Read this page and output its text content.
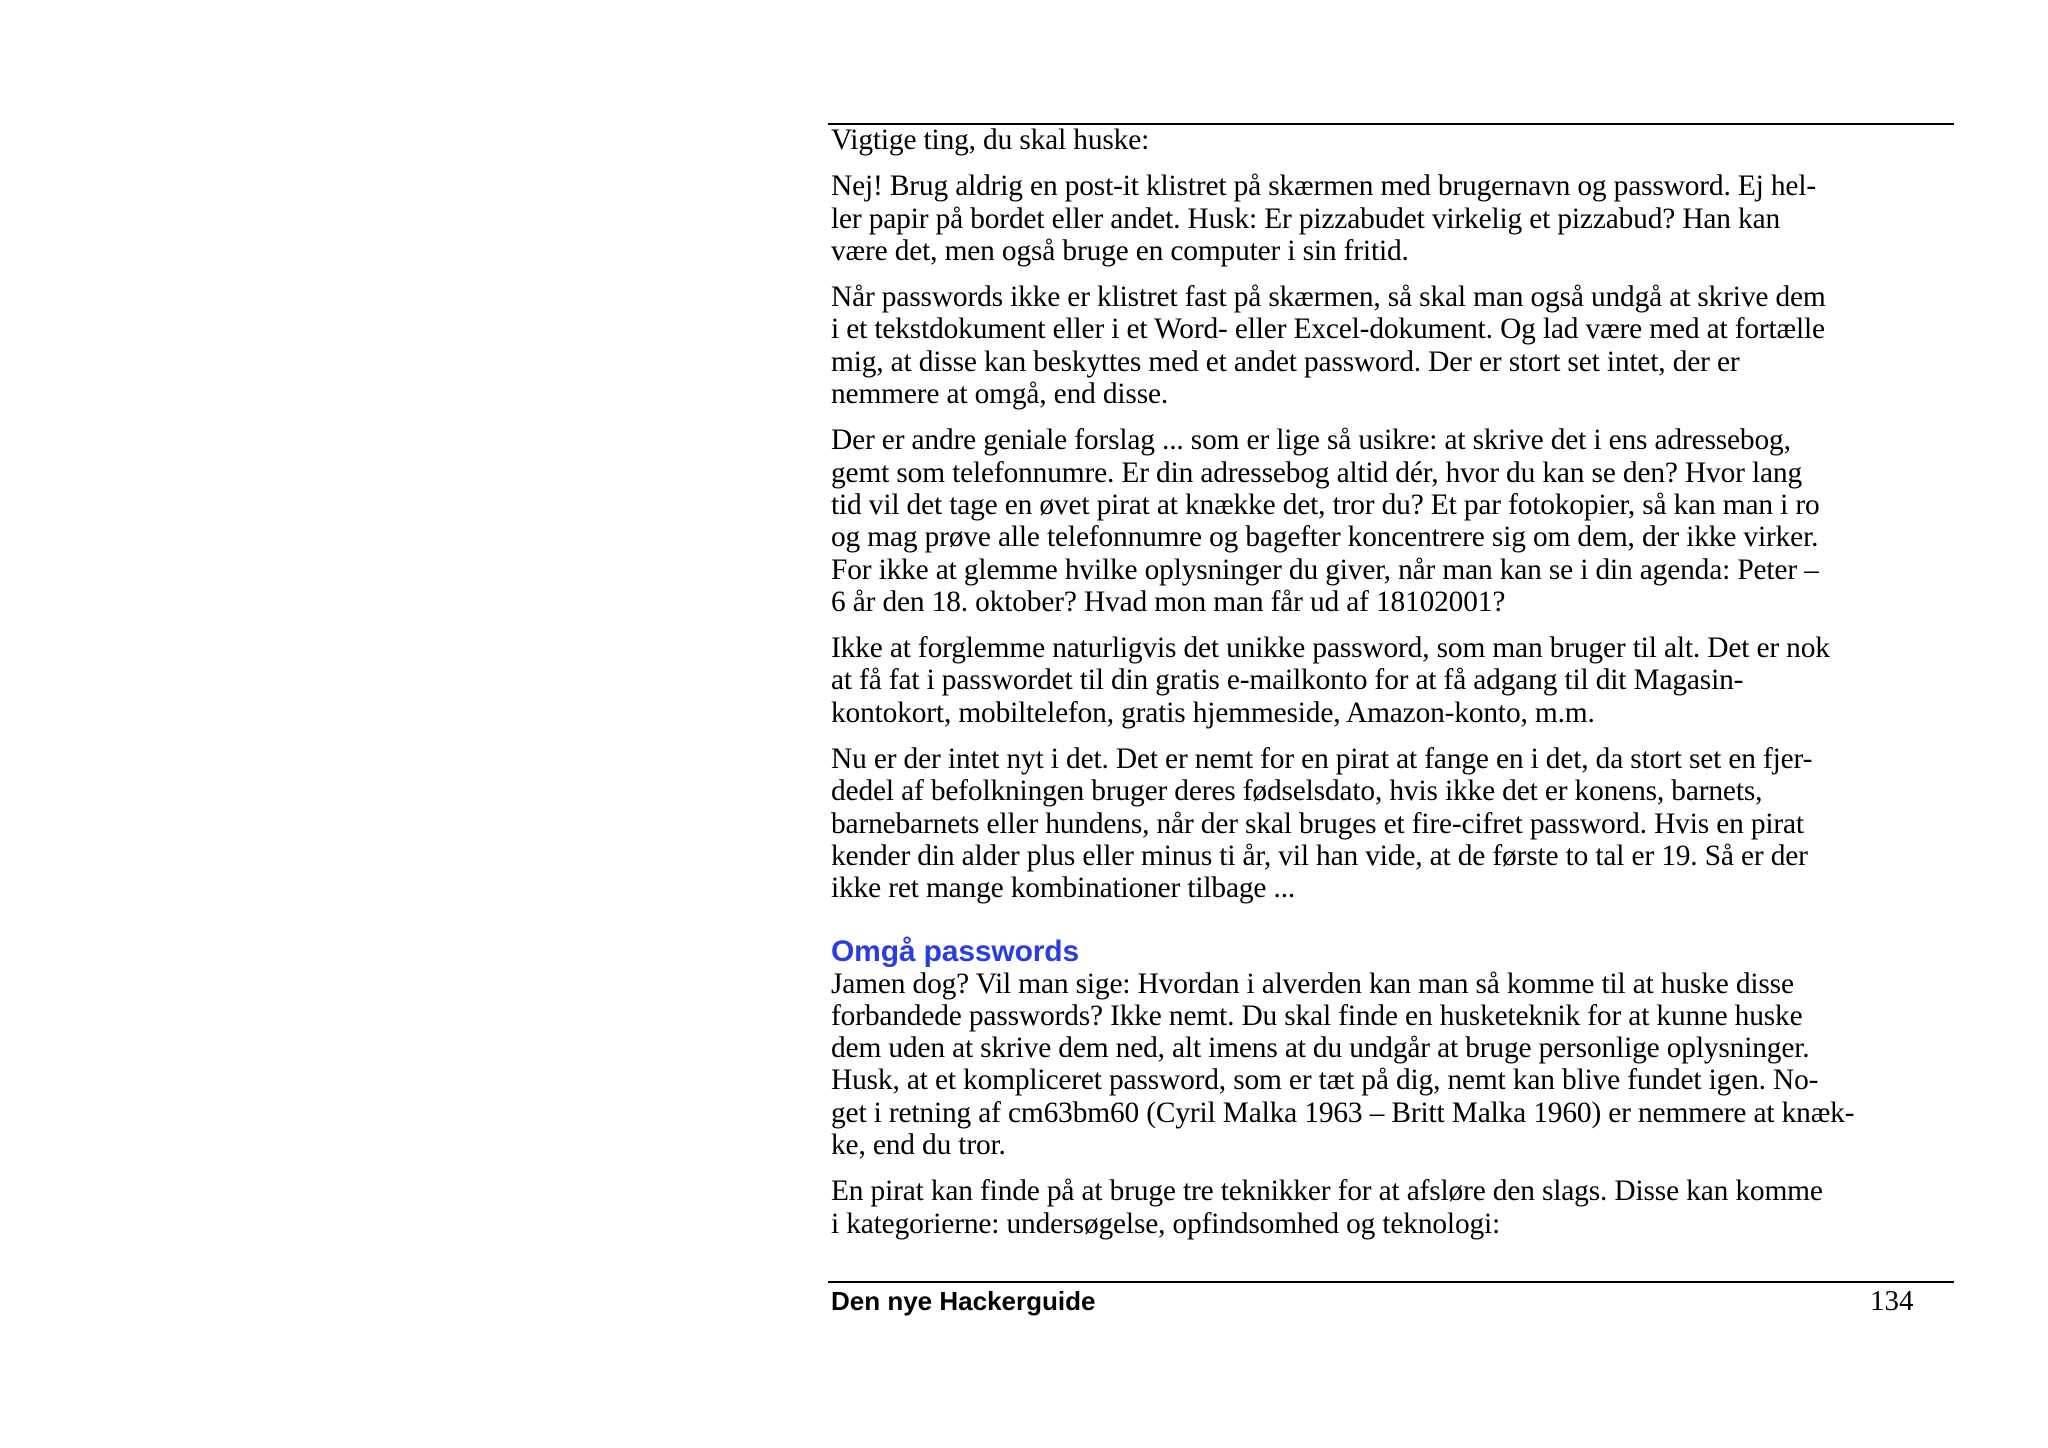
Vigtige ting, du skal huske:

Nej! Brug aldrig en post-it klistret på skærmen med brugernavn og password. Ej hel-
ler papir på bordet eller andet. Husk: Er pizzabudet virkelig et pizzabud? Han kan
være det, men også bruge en computer i sin fritid.

Når passwords ikke er klistret fast på skærmen, så skal man også undgå at skrive dem
i et tekstdokument eller i et Word- eller Excel-dokument. Og lad være med at fortælle
mig, at disse kan beskyttes med et andet password. Der er stort set intet, der er
nemmere at omgå, end disse.

Der er andre geniale forslag ... som er lige så usikre: at skrive det i ens adressebog,
gemt som telefonnumre. Er din adressebog altid dér, hvor du kan se den? Hvor lang
tid vil det tage en øvet pirat at knække det, tror du? Et par fotokopier, så kan man i ro
og mag prøve alle telefonnumre og bagefter koncentrere sig om dem, der ikke virker.
For ikke at glemme hvilke oplysninger du giver, når man kan se i din agenda: Peter –
6 år den 18. oktober? Hvad mon man får ud af 18102001?

Ikke at forglemme naturligvis det unikke password, som man bruger til alt. Det er nok
at få fat i passwordet til din gratis e-mailkonto for at få adgang til dit Magasin-
kontokort, mobiltelefon, gratis hjemmeside, Amazon-konto, m.m.

Nu er der intet nyt i det. Det er nemt for en pirat at fange en i det, da stort set en fjer-
dedel af befolkningen bruger deres fødselsdato, hvis ikke det er konens, barnets,
barnebarnets eller hundens, når der skal bruges et fire-cifret password. Hvis en pirat
kender din alder plus eller minus ti år, vil han vide, at de første to tal er 19. Så er der
ikke ret mange kombinationer tilbage ...

Omgå passwords

Jamen dog? Vil man sige: Hvordan i alverden kan man så komme til at huske disse
forbandede passwords? Ikke nemt. Du skal finde en husketeknik for at kunne huske
dem uden at skrive dem ned, alt imens at du undgår at bruge personlige oplysninger.
Husk, at et kompliceret password, som er tæt på dig, nemt kan blive fundet igen. No-
get i retning af cm63bm60 (Cyril Malka 1963 – Britt Malka 1960) er nemmere at knæk-
ke, end du tror.

En pirat kan finde på at bruge tre teknikker for at afsløre den slags. Disse kan komme
i kategorierne: undersøgelse, opfindsomhed og teknologi:

Den nye Hackerguide	134
